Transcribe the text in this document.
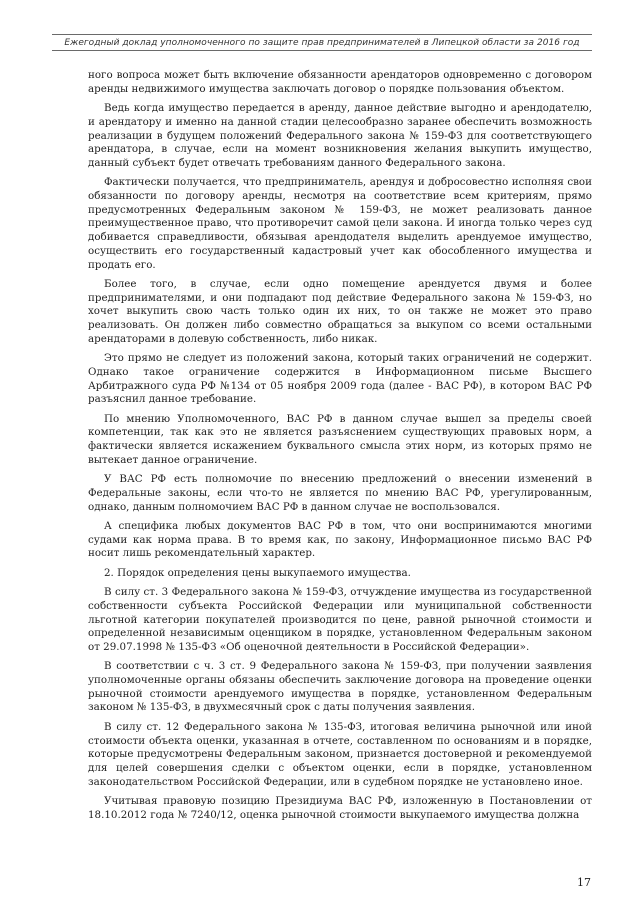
Ежегодный доклад уполномоченного по защите прав предпринимателей в Липецкой области за 2016 год

ного вопроса может быть включение обязанности арендаторов одновременно с договором аренды недвижимого имущества заключать договор о порядке пользования объектом.

Ведь когда имущество передается в аренду, данное действие выгодно и арендодателю, и арендатору и именно на данной стадии целесообразно заранее обеспечить возможность реализации в будущем положений Федерального закона № 159-ФЗ для соответствующего арендатора, в случае, если на момент возникновения желания выкупить имущество, данный субъект будет отвечать требованиям данного Федерального закона.

Фактически получается, что предприниматель, арендуя и добросовестно исполняя свои обязанности по договору аренды, несмотря на соответствие всем критериям, прямо предусмотренных Федеральным законом № 159-ФЗ, не может реализовать данное преимущественное право, что противоречит самой цели закона. И иногда только через суд добивается справедливости, обязывая арендодателя выделить арендуемое имущество, осуществить его государственный кадастровый учет как обособленного имущества и продать его.

Более того, в случае, если одно помещение арендуется двумя и более предпринимателями, и они подпадают под действие Федерального закона № 159-ФЗ, но хочет выкупить свою часть только один их них, то он также не может это право реализовать. Он должен либо совместно обращаться за выкупом со всеми остальными арендаторами в долевую собственность, либо никак.

Это прямо не следует из положений закона, который таких ограничений не содержит. Однако такое ограничение содержится в Информационном письме Высшего Арбитражного суда РФ №134 от 05 ноября 2009 года (далее - ВАС РФ), в котором ВАС РФ разъяснил данное требование.

По мнению Уполномоченного, ВАС РФ в данном случае вышел за пределы своей компетенции, так как это не является разъяснением существующих правовых норм, а фактически является искажением буквального смысла этих норм, из которых прямо не вытекает данное ограничение.

У ВАС РФ есть полномочие по внесению предложений о внесении изменений в Федеральные законы, если что-то не является по мнению ВАС РФ, урегулированным, однако, данным полномочием ВАС РФ в данном случае не воспользовался.

А специфика любых документов ВАС РФ в том, что они воспринимаются многими судами как норма права. В то время как, по закону, Информационное письмо ВАС РФ носит лишь рекомендательный характер.

2. Порядок определения цены выкупаемого имущества.

В силу ст. 3 Федерального закона № 159-ФЗ, отчуждение имущества из государственной собственности субъекта Российской Федерации или муниципальной собственности льготной категории покупателей производится по цене, равной рыночной стоимости и определенной независимым оценщиком в порядке, установленном Федеральным законом от 29.07.1998 № 135-ФЗ «Об оценочной деятельности в Российской Федерации».

В соответствии с ч. 3 ст. 9 Федерального закона № 159-ФЗ, при получении заявления уполномоченные органы обязаны обеспечить заключение договора на проведение оценки рыночной стоимости арендуемого имущества в порядке, установленном Федеральным законом № 135-ФЗ, в двухмесячный срок с даты получения заявления.

В силу ст. 12 Федерального закона № 135-ФЗ, итоговая величина рыночной или иной стоимости объекта оценки, указанная в отчете, составленном по основаниям и в порядке, которые предусмотрены Федеральным законом, признается достоверной и рекомендуемой для целей совершения сделки с объектом оценки, если в порядке, установленном законодательством Российской Федерации, или в судебном порядке не установлено иное.

Учитывая правовую позицию Президиума ВАС РФ, изложенную в Постановлении от 18.10.2012 года № 7240/12, оценка рыночной стоимости выкупаемого имущества должна

17
